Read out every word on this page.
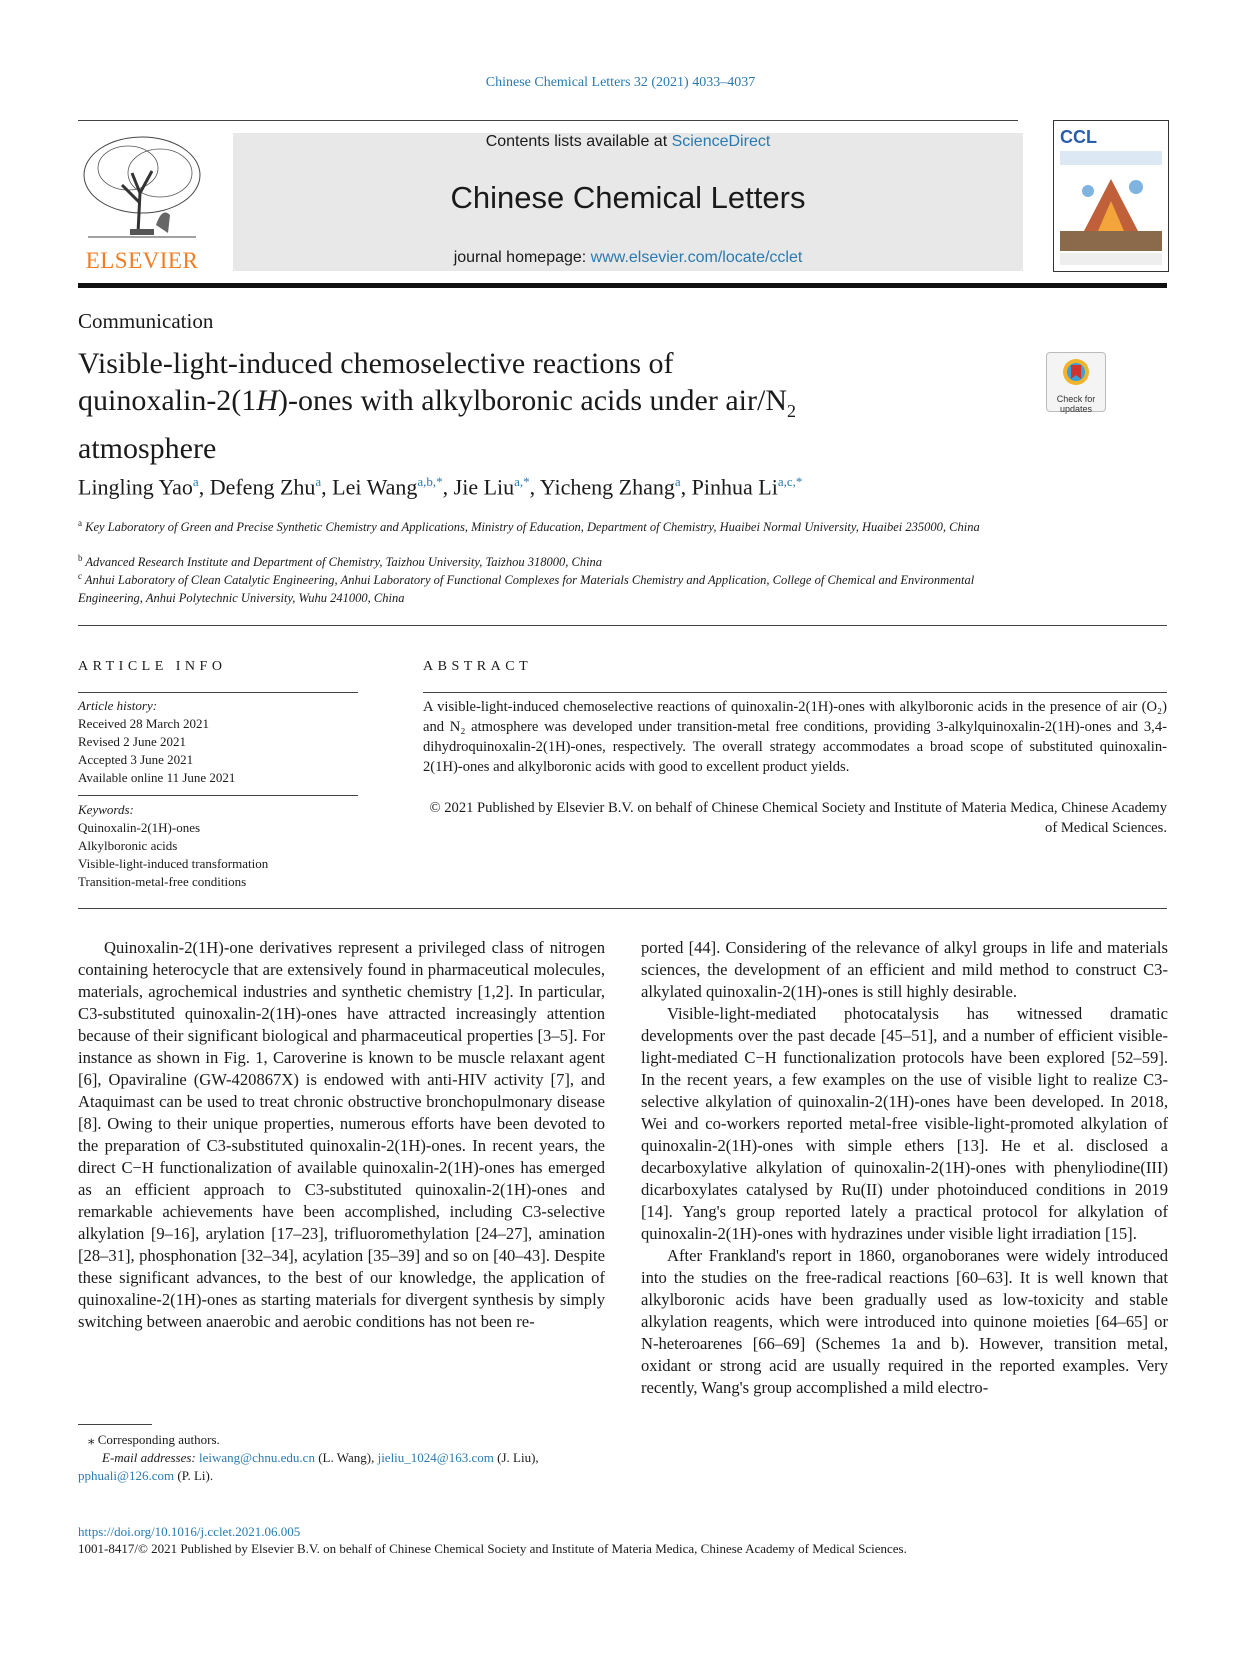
Chinese Chemical Letters 32 (2021) 4033–4037
ELSEVIER
Contents lists available at ScienceDirect
Chinese Chemical Letters
journal homepage: www.elsevier.com/locate/cclet
CCL
Communication
Visible-light-induced chemoselective reactions of
quinoxalin-2(1H)-ones with alkylboronic acids under air/$N_2$
atmosphere
Check for updates
Lingling Yao$^a$, Defeng Zhu$^a$, Lei Wang$^{a,b,*}$, Jie Liu$^{a,*}$, Yicheng Zhang$^a$, Pinhua $Li^{a,c,*}$
$^a$ Key Laboratory of Green and Precise Synthetic Chemistry and Applications, Ministry of Education, Department of Chemistry, Huaibei Normal University, Huaibei 235000, China
$^b$ Advanced Research Institute and Department of Chemistry, Taizhou University, Taizhou 318000, China
$^c$ Anhui Laboratory of Clean Catalytic Engineering, Anhui Laboratory of Functional Complexes for Materials Chemistry and Application, College of Chemical and Environmental Engineering, Anhui Polytechnic University, Wuhu 241000, China
ARTICLE INFO	ABSTRACT
Article history:
Received 28 March 2021
Revised 2 June 2021
Accepted 3 June 2021
Available online 11 June 2021
Keywords:
Quinoxalin-2(1H)-ones
Alkylboronic acids
Visible-light-induced transformation
Transition-metal-free conditions
A visible-light-induced chemoselective reactions of quinoxalin-2(1H)-ones with alkylboronic acids in the presence of air (O₂) and N₂ atmosphere was developed under transition-metal free conditions, providing 3-alkylquinoxalin-2(1H)-ones and 3,4-dihydroquinoxalin-2(1H)-ones, respectively. The overall strategy accommodates a broad scope of substituted quinoxalin-2(1H)-ones and alkylboronic acids with good to excellent product yields.
© 2021 Published by Elsevier B.V. on behalf of Chinese Chemical Society and Institute of Materia Medica, Chinese Academy of Medical Sciences.

Quinoxalin-2(1H)-one derivatives represent a privileged class of nitrogen containing heterocycle that are extensively found in pharmaceutical molecules, materials, agrochemical industries and synthetic chemistry [1,2]. In particular, C3-substituted quinoxalin-2(1H)-ones have attracted increasingly attention because of their significant biological and pharmaceutical properties [3–5]. For instance as shown in Fig. 1, Caroverine is known to be muscle relaxant agent [6], Opaviraline (GW-420867X) is endowed with anti-HIV activity [7], and Ataquimast can be used to treat chronic obstructive bronchopulmonary disease [8]. Owing to their unique properties, numerous efforts have been devoted to the preparation of C3-substituted quinoxalin-2(1H)-ones. In recent years, the direct C−H functionalization of available quinoxalin-2(1H)-ones has emerged as an efficient approach to C3-substituted quinoxalin-2(1H)-ones and remarkable achievements have been accomplished, including C3-selective alkylation [9–16], arylation [17–23], trifluoromethylation [24–27], amination [28–31], phosphonation [32–34], acylation [35–39] and so on [40–43]. Despite these significant advances, to the best of our knowledge, the application of quinoxaline-2(1H)-ones as starting materials for divergent synthesis by simply switching between anaerobic and aerobic conditions has not been re-

ported [44]. Considering of the relevance of alkyl groups in life and materials sciences, the development of an efficient and mild method to construct C3-alkylated quinoxalin-2(1H)-ones is still highly desirable.

Visible-light-mediated photocatalysis has witnessed dramatic developments over the past decade [45–51], and a number of efficient visible-light-mediated C−H functionalization protocols have been explored [52–59]. In the recent years, a few examples on the use of visible light to realize C3-selective alkylation of quinoxalin-2(1H)-ones have been developed. In 2018, Wei and co-workers reported metal-free visible-light-promoted alkylation of quinoxalin-2(1H)-ones with simple ethers [13]. He et al. disclosed a decarboxylative alkylation of quinoxalin-2(1H)-ones with phenyliodine(III) dicarboxylates catalysed by Ru(II) under photoinduced conditions in 2019 [14]. Yang's group reported lately a practical protocol for alkylation of quinoxalin-2(1H)-ones with hydrazines under visible light irradiation [15].

After Frankland's report in 1860, organoboranes were widely introduced into the studies on the free-radical reactions [60–63]. It is well known that alkylboronic acids have been gradually used as low-toxicity and stable alkylation reagents, which were introduced into quinone moieties [64–65] or N-heteroarenes [66–69] (Schemes 1a and b). However, transition metal, oxidant or strong acid are usually required in the reported examples. Very recently, Wang's group accomplished a mild electro-

⁎ Corresponding authors.
E-mail addresses: leiwang@chnu.edu.cn (L. Wang), jieliu_1024@163.com (J. Liu),
pphuali@126.com (P. Li).
https://doi.org/10.1016/j.cclet.2021.06.005
1001-8417/© 2021 Published by Elsevier B.V. on behalf of Chinese Chemical Society and Institute of Materia Medica, Chinese Academy of Medical Sciences.
